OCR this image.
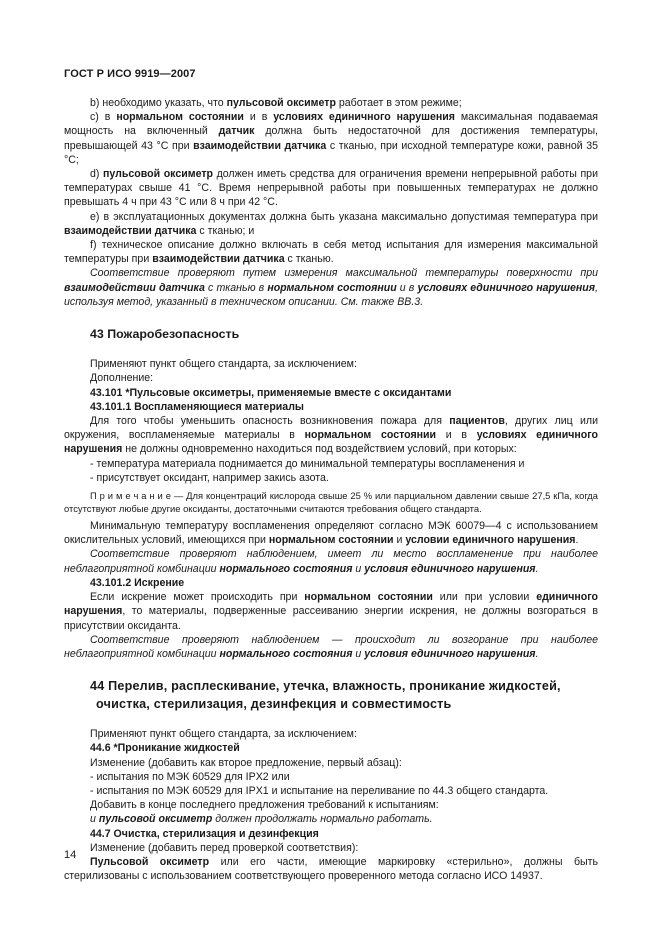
ГОСТ Р ИСО 9919—2007

b) необходимо указать, что пульсовой оксиметр работает в этом режиме;

c) в нормальном состоянии и в условиях единичного нарушения максимальная подаваемая мощность на включенный датчик должна быть недостаточной для достижения температуры, превышающей 43 °С при взаимодействии датчика с тканью, при исходной температуре кожи, равной 35 °С;

d) пульсовой оксиметр должен иметь средства для ограничения времени непрерывной работы при температурах свыше 41 °С. Время непрерывной работы при повышенных температурах не должно превышать 4 ч при 43 °С или 8 ч при 42 °С.

e) в эксплуатационных документах должна быть указана максимально допустимая температура при взаимодействии датчика с тканью; и

f) техническое описание должно включать в себя метод испытания для измерения максимальной температуры при взаимодействии датчика с тканью.

Соответствие проверяют путем измерения максимальной температуры поверхности при взаимодействии датчика с тканью в нормальном состоянии и в условиях единичного нарушения, используя метод, указанный в техническом описании. См. также ВВ.3.

43 Пожаробезопасность

Применяют пункт общего стандарта, за исключением:

Дополнение:

43.101 *Пульсовые оксиметры, применяемые вместе с оксидантами

43.101.1 Воспламеняющиеся материалы

Для того чтобы уменьшить опасность возникновения пожара для пациентов, других лиц или окружения, воспламеняемые материалы в нормальном состоянии и в условиях единичного нарушения не должны одновременно находиться под воздействием условий, при которых:

- температура материала поднимается до минимальной температуры воспламенения и

- присутствует оксидант, например закись азота.

П р и м е ч а н и е — Для концентраций кислорода свыше 25 % или парциальном давлении свыше 27,5 кПа, когда отсутствуют любые другие оксиданты, достаточными считаются требования общего стандарта.

Минимальную температуру воспламенения определяют согласно МЭК 60079—4 с использованием окислительных условий, имеющихся при нормальном состоянии и условии единичного нарушения.

Соответствие проверяют наблюдением, имеет ли место воспламенение при наиболее неблагоприятной комбинации нормального состояния и условия единичного нарушения.

43.101.2 Искрение

Если искрение может происходить при нормальном состоянии или при условии единичного нарушения, то материалы, подверженные рассеиванию энергии искрения, не должны возгораться в присутствии оксиданта.

Соответствие проверяют наблюдением — происходит ли возгорание при наиболее неблагоприятной комбинации нормального состояния и условия единичного нарушения.

44 Перелив, расплескивание, утечка, влажность, проникание жидкостей,
очистка, стерилизация, дезинфекция и совместимость

Применяют пункт общего стандарта, за исключением:

44.6 *Проникание жидкостей

Изменение (добавить как второе предложение, первый абзац):

- испытания по МЭК 60529 для IPX2 или

- испытания по МЭК 60529 для IPX1 и испытание на переливание по 44.3 общего стандарта.

Добавить в конце последнего предложения требований к испытаниям:

и пульсовой оксиметр должен продолжать нормально работать.

44.7 Очистка, стерилизация и дезинфекция

Изменение (добавить перед проверкой соответствия):

Пульсовой оксиметр или его части, имеющие маркировку «стерильно», должны быть стерилизованы с использованием соответствующего проверенного метода согласно ИСО 14937.

14
